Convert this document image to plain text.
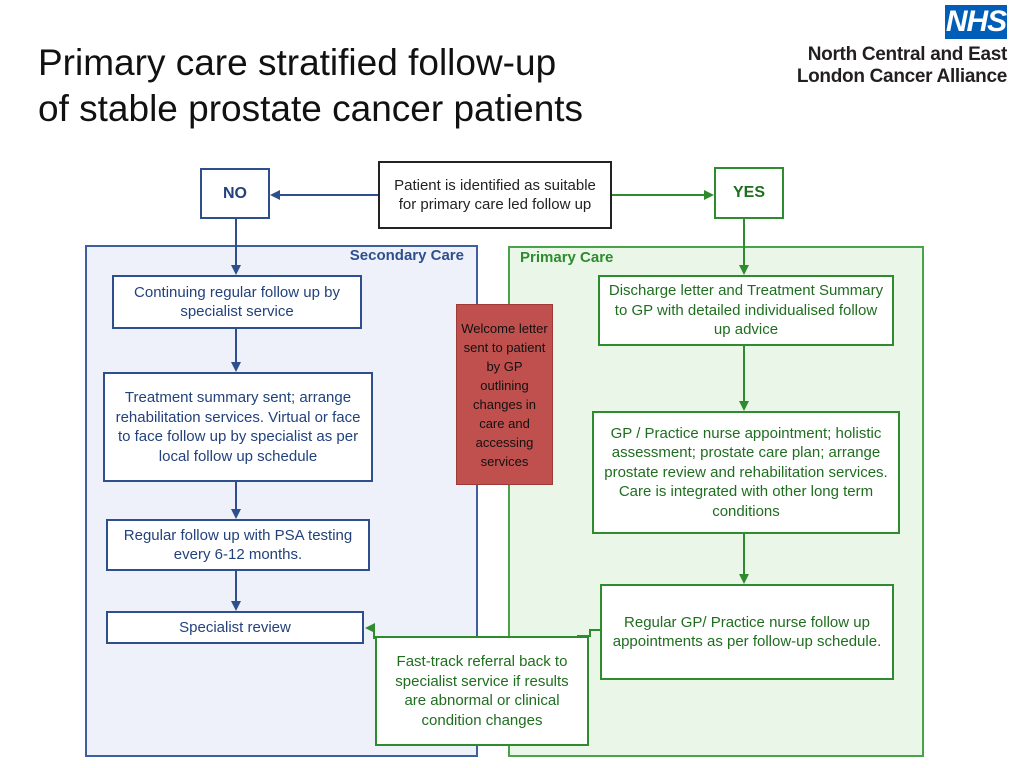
Primary care stratified follow-up
of stable prostate cancer patients
NHS
North Central and East
London Cancer Alliance
Secondary Care	Primary Care
Patient is identified as suitable for primary care led follow up
NO	YES
Continuing regular follow up by specialist service
Treatment summary sent; arrange rehabilitation services. Virtual or face to face follow up by specialist as per local follow up schedule
Regular follow up with PSA testing every 6-12 months.
Specialist review
Welcome letter sent to patient by GP outlining changes in care and accessing services
Discharge letter and Treatment Summary to GP with detailed individualised follow up advice
GP / Practice nurse appointment; holistic assessment; prostate care plan; arrange prostate review and rehabilitation services. Care is integrated with other long term conditions
Regular GP/ Practice nurse follow up appointments as per follow-up schedule.
Fast-track referral back to specialist service if results are abnormal or clinical condition changes
